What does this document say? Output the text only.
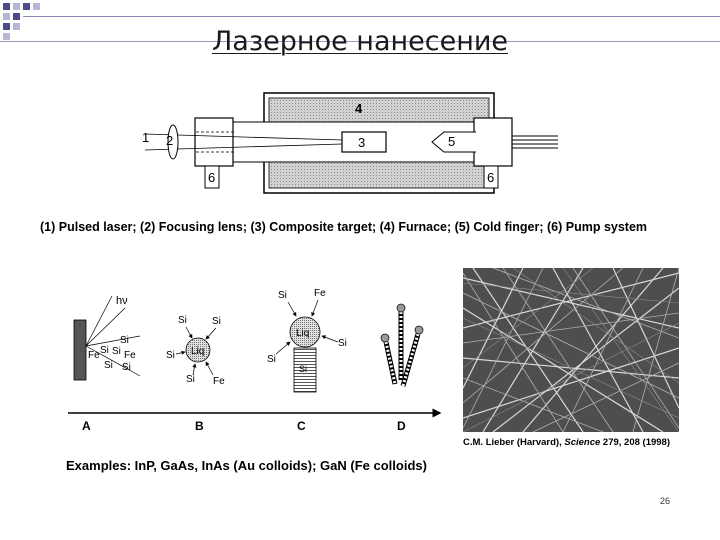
Лазерное нанесение
1 2	3
4
5
6	6
(1) Pulsed laser; (2) Focusing lens; (3) Composite target; (4) Furnace; (5) Cold finger; (6) Pump system
hν
Si
Fe Si Si Fe
Si Si
Liq
Si	Si
Si
Si Fe
Liq
Si
Si	Fe
Si
Si
A	B	C	D
C.M. Lieber (Harvard), Science 279, 208 (1998)
Examples: InP, GaAs, InAs (Au colloids); GaN (Fe colloids)
26
